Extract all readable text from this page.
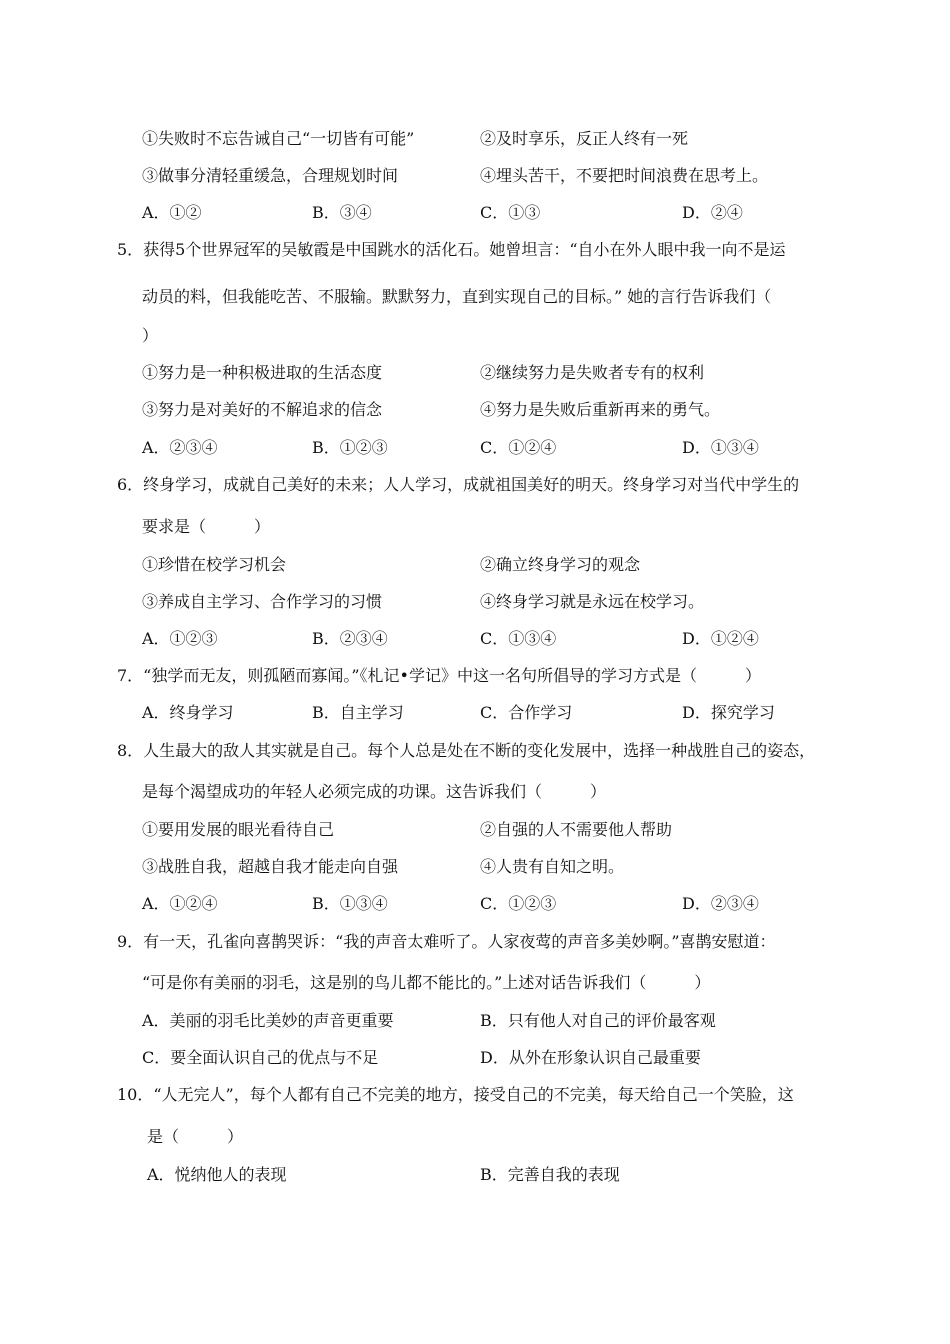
①失败时不忘告诫自己“一切皆有可能”	②及时享乐，反正人终有一死
③做事分清轻重缓急，合理规划时间	④埋头苦干，不要把时间浪费在思考上。
A．①②	B．③④	C．①③	D．②④
5．获得5个世界冠军的吴敏霞是中国跳水的活化石。她曾坦言：“自小在外人眼中我一向不是运
动员的料，但我能吃苦、不服输。默默努力，直到实现自己的目标。” 她的言行告诉我们（
）
①努力是一种积极进取的生活态度	②继续努力是失败者专有的权利
③努力是对美好的不解追求的信念	④努力是失败后重新再来的勇气。
A．②③④	B．①②③	C．①②④	D．①③④
6．终身学习，成就自己美好的未来；人人学习，成就祖国美好的明天。终身学习对当代中学生的
要求是（　　　）
①珍惜在校学习机会	②确立终身学习的观念
③养成自主学习、合作学习的习惯	④终身学习就是永远在校学习。
A．①②③	B．②③④	C．①③④	D．①②④
7．“独学而无友，则孤陋而寡闻。”《札记•学记》中这一名句所倡导的学习方式是（　　　）
A．终身学习	B．自主学习	C．合作学习	D．探究学习
8．人生最大的敌人其实就是自己。每个人总是处在不断的变化发展中，选择一种战胜自己的姿态，
是每个渴望成功的年轻人必须完成的功课。这告诉我们（　　　）
①要用发展的眼光看待自己	②自强的人不需要他人帮助
③战胜自我，超越自我才能走向自强	④人贵有自知之明。
A．①②④	B．①③④	C．①②③	D．②③④
9．有一天，孔雀向喜鹊哭诉：“我的声音太难听了。人家夜莺的声音多美妙啊。”喜鹊安慰道：
“可是你有美丽的羽毛，这是别的鸟儿都不能比的。”上述对话告诉我们（　　　）
A．美丽的羽毛比美妙的声音更重要	B．只有他人对自己的评价最客观
C．要全面认识自己的优点与不足	D．从外在形象认识自己最重要
10．“人无完人”，每个人都有自己不完美的地方，接受自己的不完美，每天给自己一个笑脸，这
是（　　　）
A．悦纳他人的表现	B．完善自我的表现
